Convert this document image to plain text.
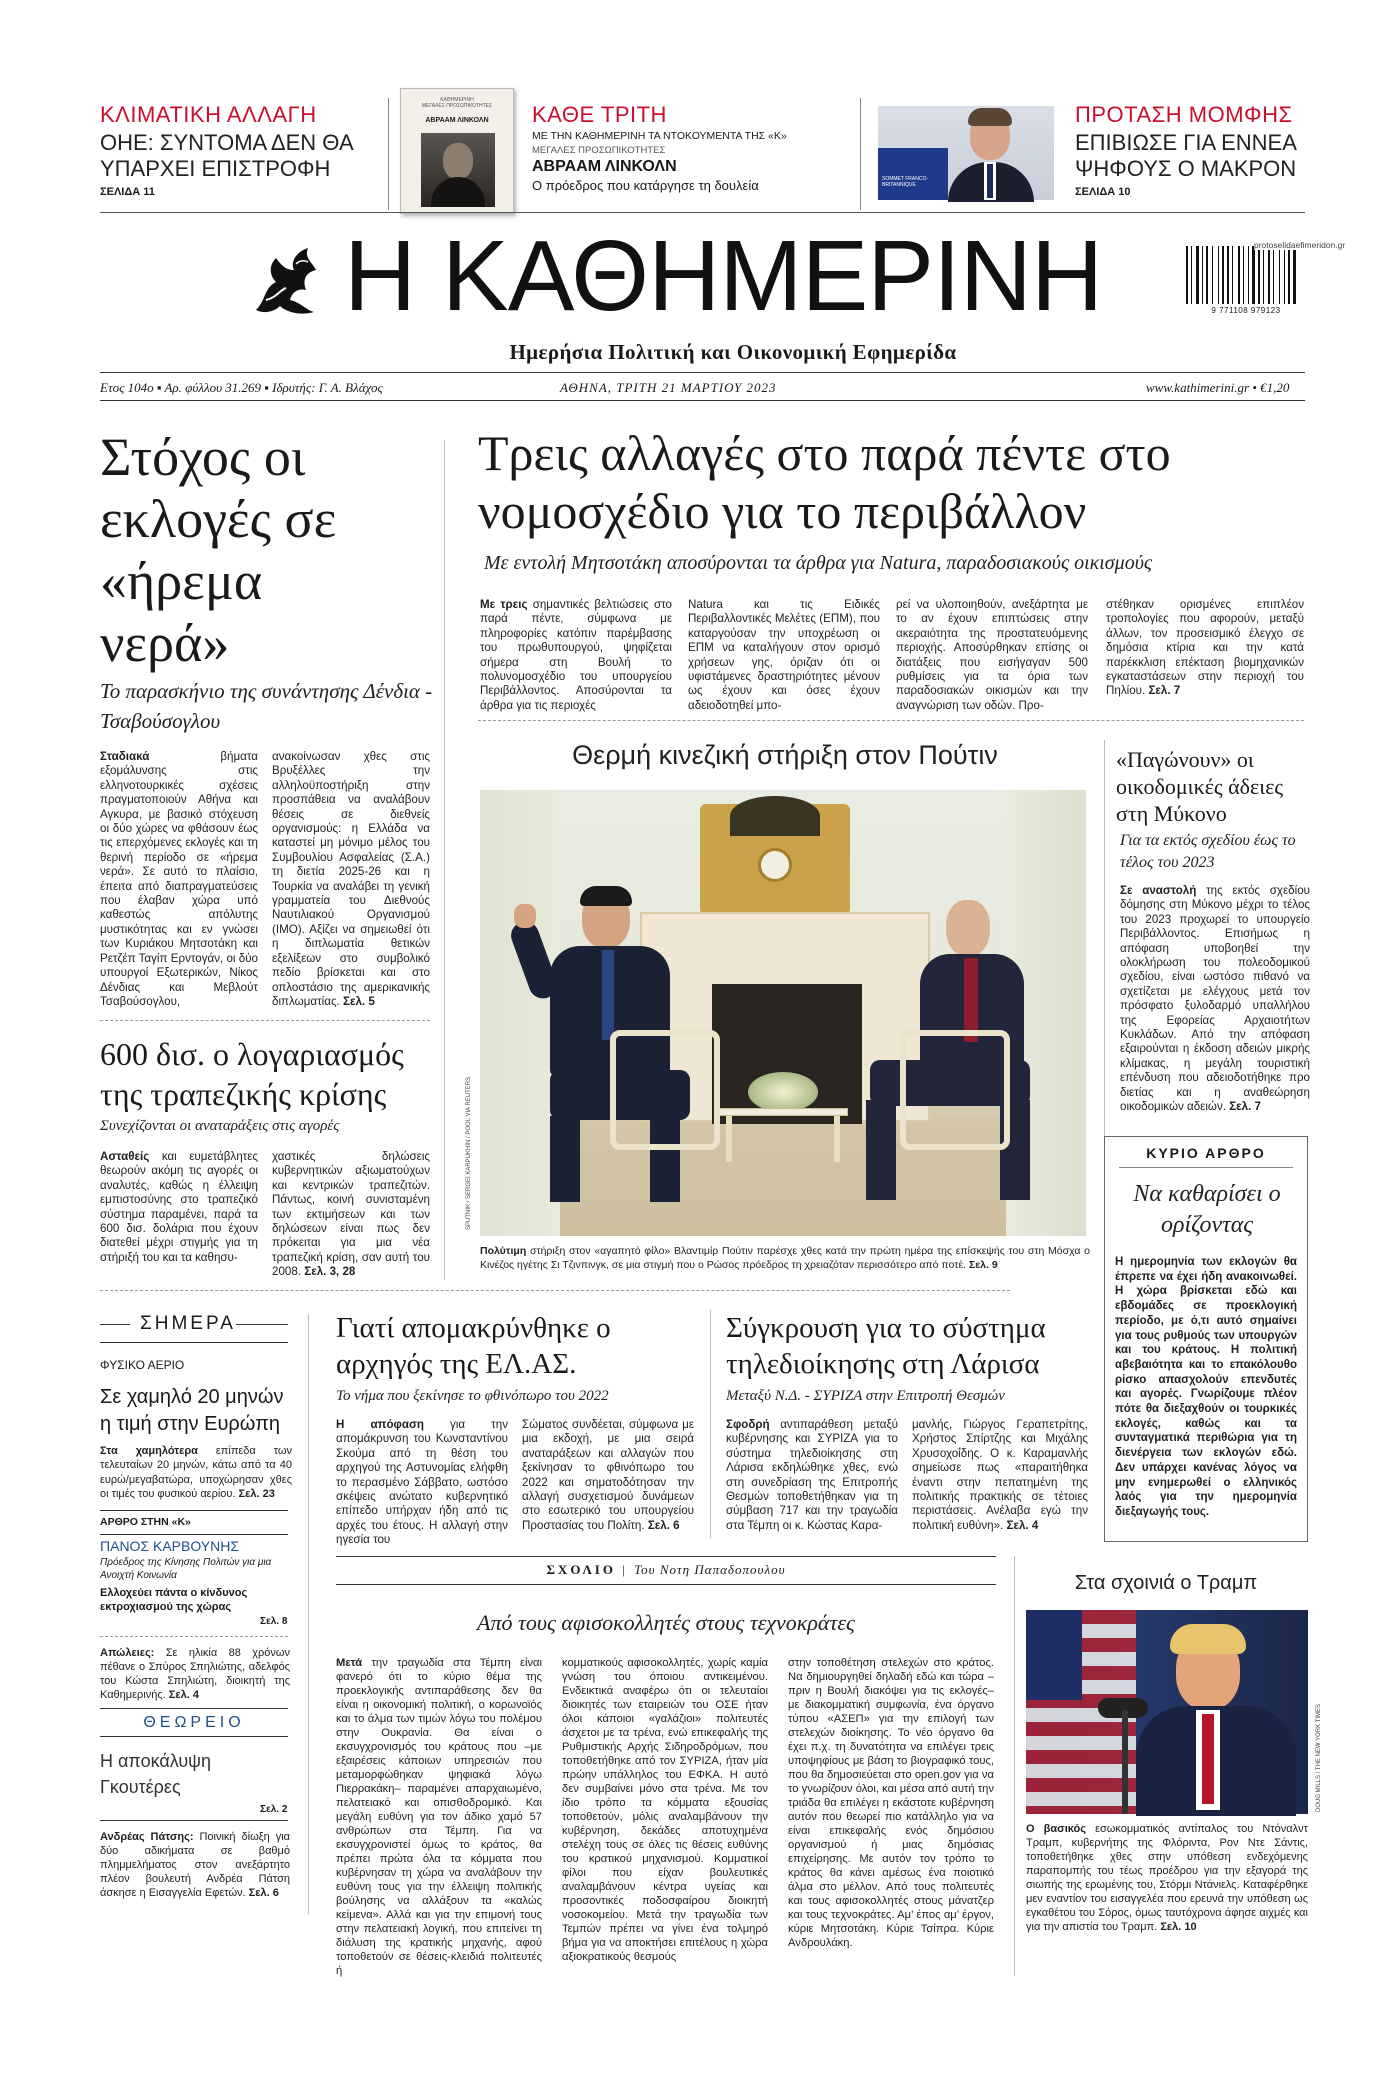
ΚΛΙΜΑΤΙΚΗ ΑΛΛΑΓΗ
ΟΗΕ: ΣΥΝΤΟΜΑ ΔΕΝ ΘΑ ΥΠΑΡΧΕΙ ΕΠΙΣΤΡΟΦΗ
ΣΕΛΙΔΑ 11
ΚΑΘΗΜΕΡΙΝΗ
ΜΕΓΑΛΕΣ ΠΡΟΣΩΠΙΚΟΤΗΤΕΣ
ΑΒΡΑΑΜ ΛΙΝΚΟΛΝ	ΚΑΘΕ ΤΡΙΤΗ
ΜΕ ΤΗΝ ΚΑΘΗΜΕΡΙΝΗ ΤΑ ΝΤΟΚΟΥΜΕΝΤΑ ΤΗΣ «Κ»
ΜΕΓΑΛΕΣ ΠΡΟΣΩΠΙΚΟΤΗΤΕΣ
ΑΒΡΑΑΜ ΛΙΝΚΟΛΝ
Ο πρόεδρος που κατάργησε τη δουλεία	SOMMET FRANCO-BRITANNIQUE
ΠΡΟΤΑΣΗ ΜΟΜΦΗΣ
ΕΠΙΒΙΩΣΕ ΓΙΑ ΕΝΝΕΑ ΨΗΦΟΥΣ Ο ΜΑΚΡΟΝ
ΣΕΛΙΔΑ 10
Η ΚΑΘΗΜΕΡΙΝΗ
Ημερήσια Πολιτική και Οικονομική Εφημερίδα
9 771108 979123
protoselidaefimeridon.gr
Ετος 104ο ▪ Αρ. φύλλου 31.269 ▪ Ιδρυτής: Γ. Α. Βλάχος	ΑΘΗΝΑ, ΤΡΙΤΗ 21 ΜΑΡΤΙΟΥ 2023	www.kathimerini.gr • €1,20
Στόχος οι εκλογές σε «ήρεμα νερά»
Το παρασκήνιο της συνάντησης Δένδια - Τσαβούσογλου
Σταδιακά βήματα εξομάλυνσης στις ελληνοτουρκικές σχέσεις πραγματοποιούν Αθήνα και Αγκυρα, με βασικό στόχευση οι δύο χώρες να φθάσουν έως τις επερχόμενες εκλογές και τη θερινή περίοδο σε «ήρεμα νερά». Σε αυτό το πλαίσιο, έπειτα από διαπραγματεύσεις που έλαβαν χώρα υπό καθεστώς απόλυτης μυστικότητας και εν γνώσει των Κυριάκου Μητσοτάκη και Ρετζέπ Ταγίπ Ερντογάν, οι δύο υπουργοί Εξωτερικών, Νίκος Δένδιας και Μεβλούτ Τσαβούσογλου,
ανακοίνωσαν χθες στις Βρυξέλλες την αλληλοϋποστήριξη στην προσπάθεια να αναλάβουν θέσεις σε διεθνείς οργανισμούς: η Ελλάδα να καταστεί μη μόνιμο μέλος του Συμβουλίου Ασφαλείας (Σ.Α.) τη διετία 2025-26 και η Τουρκία να αναλάβει τη γενική γραμματεία του Διεθνούς Ναυτιλιακού Οργανισμού (ΙΜΟ). Αξίζει να σημειωθεί ότι η διπλωματία θετικών εξελίξεων στο συμβολικό πεδίο βρίσκεται και στο οπλοστάσιο της αμερικανικής διπλωματίας. Σελ. 5
600 δισ. ο λογαριασμός της τραπεζικής κρίσης
Συνεχίζονται οι αναταράξεις στις αγορές
Ασταθείς και ευμετάβλητες θεωρούν ακόμη τις αγορές οι αναλυτές, καθώς η έλλειψη εμπιστοσύνης στο τραπεζικό σύστημα παραμένει, παρά τα 600 δισ. δολάρια που έχουν διατεθεί μέχρι στιγμής για τη στήριξή του και τα καθησυ-
χαστικές δηλώσεις κυβερνητικών αξιωματούχων και κεντρικών τραπεζιτών. Πάντως, κοινή συνισταμένη των εκτιμήσεων και των δηλώσεων είναι πως δεν πρόκειται για μια νέα τραπεζική κρίση, σαν αυτή του 2008. Σελ. 3, 28
Τρεις αλλαγές στο παρά πέντε στο νομοσχέδιο για το περιβάλλον
Με εντολή Μητσοτάκη αποσύρονται τα άρθρα για Natura, παραδοσιακούς οικισμούς
Με τρεις σημαντικές βελτιώσεις στο παρά πέντε, σύμφωνα με πληροφορίες κατόπιν παρέμβασης του πρωθυπουργού, ψηφίζεται σήμερα στη Βουλή το πολυνομοσχέδιο του υπουργείου Περιβάλλοντος. Αποσύρονται τα άρθρα για τις περιοχές
Natura και τις Ειδικές Περιβαλλοντικές Μελέτες (ΕΠΜ), που καταργούσαν την υποχρέωση οι ΕΠΜ να καταλήγουν στον ορισμό χρήσεων γης, όριζαν ότι οι υφιστάμενες δραστηριότητες μένουν ως έχουν και όσες έχουν αδειοδοτηθεί μπο-
ρεί να υλοποιηθούν, ανεξάρτητα με το αν έχουν επιπτώσεις στην ακεραιότητα της προστατευόμενης περιοχής. Αποσύρθηκαν επίσης οι διατάξεις που εισήγαγαν 500 ρυθμίσεις για τα όρια των παραδοσιακών οικισμών και την αναγνώριση των οδών. Προ-
στέθηκαν ορισμένες επιπλέον τροπολογίες που αφορούν, μεταξύ άλλων, τον προσεισμικό έλεγχο σε δημόσια κτίρια και την κατά παρέκκλιση επέκταση βιομηχανικών εγκαταστάσεων στην περιοχή του Πηλίου. Σελ. 7
Θερμή κινεζική στήριξη στον Πούτιν
SPUTNIK / SERGEI KARPUKHIN / POOL VIA REUTERS
Πολύτιμη στήριξη στον «αγαπητό φίλο» Βλαντιμίρ Πούτιν παρέσχε χθες κατά την πρώτη ημέρα της επίσκεψής του στη Μόσχα ο Κινέζος ηγέτης Σι Τζινπινγκ, σε μια στιγμή που ο Ρώσος πρόεδρος τη χρειαζόταν περισσότερο από ποτέ. Σελ. 9
«Παγώνουν» οι οικοδομικές άδειες στη Μύκονο
Για τα εκτός σχεδίου έως το τέλος του 2023
Σε αναστολή της εκτός σχεδίου δόμησης στη Μύκονο μέχρι το τέλος του 2023 προχωρεί το υπουργείο Περιβάλλοντος. Επισήμως η απόφαση υποβοηθεί την ολοκλήρωση του πολεοδομικού σχεδίου, είναι ωστόσο πιθανό να σχετίζεται με ελέγχους μετά τον πρόσφατο ξυλοδαρμό υπαλλήλου της Εφορείας Αρχαιοτήτων Κυκλάδων. Από την απόφαση εξαιρούνται η έκδοση αδειών μικρής κλίμακας, η μεγάλη τουριστική επένδυση που αδειοδοτήθηκε προ διετίας και η αναθεώρηση οικοδομικών αδειών. Σελ. 7
ΚΥΡΙΟ ΑΡΘΡΟ
Να καθαρίσει ο ορίζοντας
Η ημερομηνία των εκλογών θα έπρεπε να έχει ήδη ανακοινωθεί. Η χώρα βρίσκεται εδώ και εβδομάδες σε προεκλογική περίοδο, με ό,τι αυτό σημαίνει για τους ρυθμούς των υπουργών και του κράτους. Η πολιτική αβεβαιότητα και το επακόλουθο ρίσκο απασχολούν επενδυτές και αγορές. Γνωρίζουμε πλέον πότε θα διεξαχθούν οι τουρκικές εκλογές, καθώς και τα συνταγματικά περιθώρια για τη διενέργεια των εκλογών εδώ. Δεν υπάρχει κανένας λόγος να μην ενημερωθεί ο ελληνικός λαός για την ημερομηνία διεξαγωγής τους.
ΣΗΜΕΡΑ
ΦΥΣΙΚΟ ΑΕΡΙΟ
Σε χαμηλό 20 μηνών η τιμή στην Ευρώπη
Στα χαμηλότερα επίπεδα των τελευταίων 20 μηνών, κάτω από τα 40 ευρώ/μεγαβατώρα, υποχώρησαν χθες οι τιμές του φυσικού αερίου. Σελ. 23
ΑΡΘΡΟ ΣΤΗΝ «Κ»
ΠΑΝΟΣ ΚΑΡΒΟΥΝΗΣ
Πρόεδρος της Κίνησης Πολιτών για μια Ανοιχτή Κοινωνία
Ελλοχεύει πάντα ο κίνδυνος εκτροχιασμού της χώρας
Σελ. 8
Απώλειες: Σε ηλικία 88 χρόνων πέθανε ο Σπύρος Σπηλιώτης, αδελφός του Κώστα Σπηλιώτη, διοικητή της Καθημερινής. Σελ. 4
ΘΕΩΡΕΙΟ
Η αποκάλυψη Γκουτέρες
Σελ. 2
Ανδρέας Πάτσης: Ποινική δίωξη για δύο αδικήματα σε βαθμό πλημμελήματος στον ανεξάρτητο πλέον βουλευτή Ανδρέα Πάτση άσκησε η Εισαγγελία Εφετών. Σελ. 6
Γιατί απομακρύνθηκε ο αρχηγός της ΕΛ.ΑΣ.
Το νήμα που ξεκίνησε το φθινόπωρο του 2022
Η απόφαση για την απομάκρυνση του Κωνσταντίνου Σκούμα από τη θέση του αρχηγού της Αστυνομίας ελήφθη το περασμένο Σάββατο, ωστόσο σκέψεις ανώτατο κυβερνητικό επίπεδο υπήρχαν ήδη από τις αρχές του έτους. Η αλλαγή στην ηγεσία του
Σώματος συνδέεται, σύμφωνα με μια εκδοχή, με μια σειρά αναταράξεων και αλλαγών που ξεκίνησαν το φθινόπωρο του 2022 και σηματοδότησαν την αλλαγή συσχετισμού δυνάμεων στο εσωτερικό του υπουργείου Προστασίας του Πολίτη. Σελ. 6
Σύγκρουση για το σύστημα τηλεδιοίκησης στη Λάρισα
Μεταξύ Ν.Δ. - ΣΥΡΙΖΑ στην Επιτροπή Θεσμών
Σφοδρή αντιπαράθεση μεταξύ κυβέρνησης και ΣΥΡΙΖΑ για το σύστημα τηλεδιοίκησης στη Λάρισα εκδηλώθηκε χθες, ενώ στη συνεδρίαση της Επιτροπής Θεσμών τοποθετήθηκαν για τη σύμβαση 717 και την τραγωδία στα Τέμπη οι κ. Κώστας Καρα-
μανλής, Γιώργος Γεραπετρίτης, Χρήστος Σπίρτζης και Μιχάλης Χρυσοχοΐδης. Ο κ. Καραμανλής σημείωσε πως «παραιτήθηκα έναντι στην πεπατημένη της πολιτικής πρακτικής σε τέτοιες περιστάσεις. Ανέλαβα εγώ την πολιτική ευθύνη». Σελ. 4
ΣΧΟΛΙΟ | Του Νοτη Παπαδοπουλου
Από τους αφισοκολλητές στους τεχνοκράτες
Μετά την τραγωδία στα Τέμπη είναι φανερό ότι το κύριο θέμα της προεκλογικής αντιπαράθεσης δεν θα είναι η οικονομική πολιτική, ο κορωνοϊός και το άλμα των τιμών λόγω του πολέμου στην Ουκρανία. Θα είναι ο εκσυγχρονισμός του κράτους που –με εξαιρέσεις κάποιων υπηρεσιών που μεταμορφώθηκαν ψηφιακά λόγω Πιερρακάκη– παραμένει απαρχαιωμένο, πελατειακό και οπισθοδρομικό. Και μεγάλη ευθύνη για τον άδικο χαμό 57 ανθρώπων στα Τέμπη. Για να εκσυγχρονιστεί όμως το κράτος, θα πρέπει πρώτα όλα τα κόμματα που κυβέρνησαν τη χώρα να αναλάβουν την ευθύνη τους για την έλλειψη πολιτικής βούλησης να αλλάξουν τα «καλώς κείμενα». Αλλά και για την επιμονή τους στην πελατειακή λογική, που επιτείνει τη διάλυση της κρατικής μηχανής, αφού τοποθετούν σε θέσεις-κλειδιά πολιτευτές ή
κομματικούς αφισοκολλητές, χωρίς καμία γνώση του όποιου αντικειμένου. Ενδεικτικά αναφέρω ότι οι τελευταίοι διοικητές των εταιρειών του ΟΣΕ ήταν όλοι κάποιοι «γαλάζιοι» πολιτευτές άσχετοι με τα τρένα, ενώ επικεφαλής της Ρυθμιστικής Αρχής Σιδηροδρόμων, που τοποθετήθηκε από τον ΣΥΡΙΖΑ, ήταν μία πρώην υπάλληλος του ΕΦΚΑ. Η αυτό δεν συμβαίνει μόνο στα τρένα. Με τον ίδιο τρόπο τα κόμματα εξουσίας τοποθετούν, μόλις αναλαμβάνουν την κυβέρνηση, δεκάδες αποτυχημένα στελέχη τους σε όλες τις θέσεις ευθύνης του κρατικού μηχανισμού. Κομματικοί φίλοι που είχαν βουλευτικές αναλαμβάνουν κέντρα υγείας και προσοντικές ποδοσφαίρου διοικητή νοσοκομείου. Μετά την τραγωδία των Τεμπών πρέπει να γίνει ένα τολμηρό βήμα για να αποκτήσει επιτέλους η χώρα αξιοκρατικούς θεσμούς
στην τοποθέτηση στελεχών στο κράτος. Να δημιουργηθεί δηλαδή εδώ και τώρα –πριν η Βουλή διακόψει για τις εκλογές– με διακομματική συμφωνία, ένα όργανο τύπου «ΑΣΕΠ» για την επιλογή των στελεχών διοίκησης. Το νέο όργανο θα έχει π.χ. τη δυνατότητα να επιλέγει τρεις υποψηφίους με βάση το βιογραφικό τους, που θα δημοσιεύεται στο open.gov για να το γνωρίζουν όλοι, και μέσα από αυτή την τριάδα θα επιλέγει η εκάστοτε κυβέρνηση αυτόν που θεωρεί πιο κατάλληλο για να είναι επικεφαλής ενός δημόσιου οργανισμού ή μιας δημόσιας επιχείρησης. Με αυτόν τον τρόπο το κράτος θα κάνει αμέσως ένα ποιοτικό άλμα στο μέλλον. Από τους πολιτευτές και τους αφισοκολλητές στους μάνατζερ και τους τεχνοκράτες. Αμ’ έπος αμ’ έργον, κύριε Μητσοτάκη. Κύριε Τσίπρα. Κύριε Ανδρουλάκη.
Στα σχοινιά ο Τραμπ
DOUG MILLS / THE NEW YORK TIMES
Ο βασικός εσωκομματικός αντίπαλος του Ντόναλντ Τραμπ, κυβερνήτης της Φλόριντα, Ρον Ντε Σάντις, τοποθετήθηκε χθες στην υπόθεση ενδεχόμενης παραπομπής του τέως προέδρου για την εξαγορά της σιωπής της ερωμένης του, Στόρμι Ντάνιελς. Καταφέρθηκε μεν εναντίον του εισαγγελέα που ερευνά την υπόθεση ως εγκαθέτου του Σόρος, όμως ταυτόχρονα άφησε αιχμές και για την απιστία του Τραμπ. Σελ. 10
